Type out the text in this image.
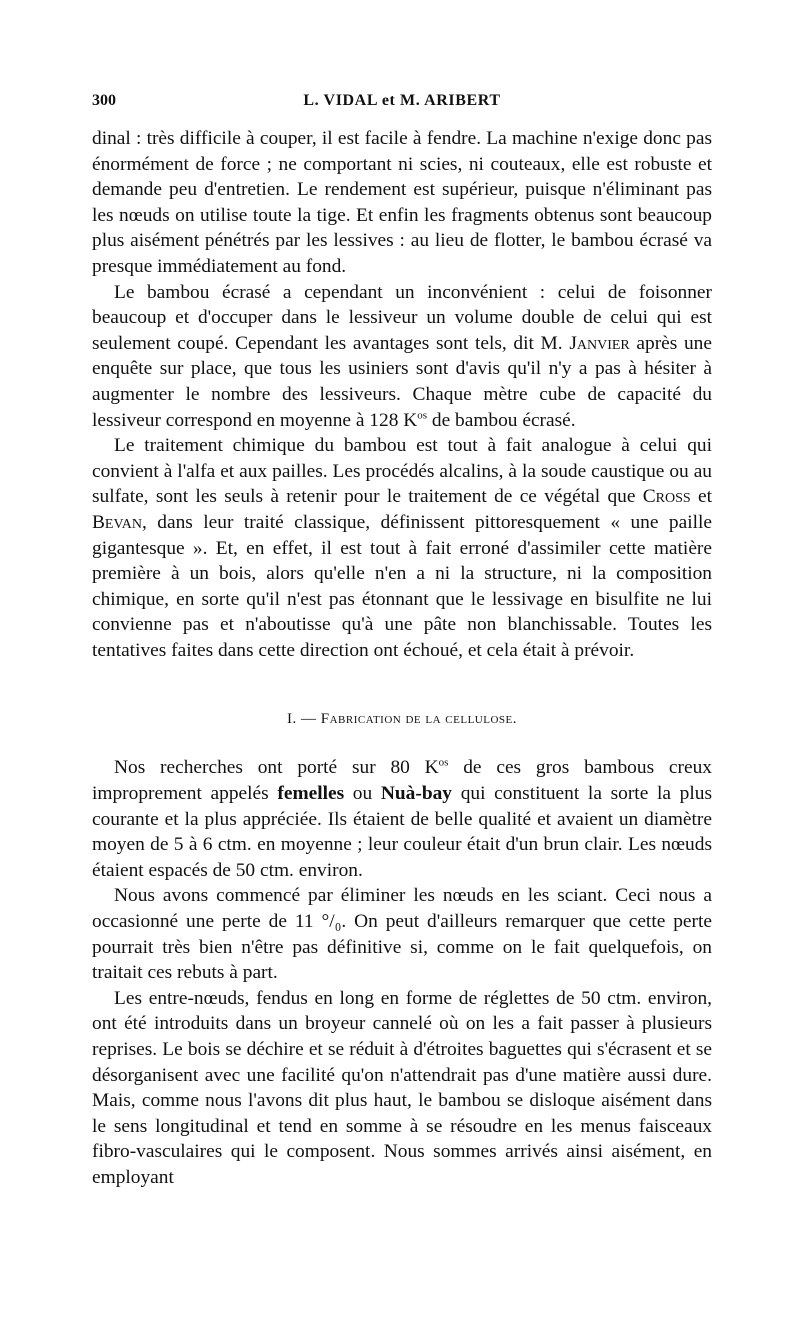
300	L. VIDAL et M. ARIBERT

dinal : très difficile à couper, il est facile à fendre. La machine n'exige donc pas énormément de force ; ne comportant ni scies, ni couteaux, elle est robuste et demande peu d'entretien. Le rendement est supérieur, puisque n'éliminant pas les nœuds on utilise toute la tige. Et enfin les fragments obtenus sont beaucoup plus aisément pénétrés par les lessives : au lieu de flotter, le bambou écrasé va presque immédiatement au fond.

Le bambou écrasé a cependant un inconvénient : celui de foisonner beaucoup et d'occuper dans le lessiveur un volume double de celui qui est seulement coupé. Cependant les avantages sont tels, dit M. Janvier après une enquête sur place, que tous les usiniers sont d'avis qu'il n'y a pas à hésiter à augmenter le nombre des lessiveurs. Chaque mètre cube de capacité du lessiveur correspond en moyenne à 128 $K^{os}$ de bambou écrasé.

Le traitement chimique du bambou est tout à fait analogue à celui qui convient à l'alfa et aux pailles. Les procédés alcalins, à la soude caustique ou au sulfate, sont les seuls à retenir pour le traitement de ce végétal que Cross et Bevan, dans leur traité classique, définissent pittoresquement « une paille gigantesque ». Et, en effet, il est tout à fait erroné d'assimiler cette matière première à un bois, alors qu'elle n'en a ni la structure, ni la composition chimique, en sorte qu'il n'est pas étonnant que le lessivage en bisulfite ne lui convienne pas et n'aboutisse qu'à une pâte non blanchissable. Toutes les tentatives faites dans cette direction ont échoué, et cela était à prévoir.

I. — Fabrication de la cellulose.

Nos recherches ont porté sur 80 $K^{os}$ de ces gros bambous creux improprement appelés femelles ou Nuà-bay qui constituent la sorte la plus courante et la plus appréciée. Ils étaient de belle qualité et avaient un diamètre moyen de 5 à 6 ctm. en moyenne ; leur couleur était d'un brun clair. Les nœuds étaient espacés de 50 ctm. environ.

Nous avons commencé par éliminer les nœuds en les sciant. Ceci nous a occasionné une perte de 11 °/₀. On peut d'ailleurs remarquer que cette perte pourrait très bien n'être pas définitive si, comme on le fait quelquefois, on traitait ces rebuts à part.

Les entre-nœuds, fendus en long en forme de réglettes de 50 ctm. environ, ont été introduits dans un broyeur cannelé où on les a fait passer à plusieurs reprises. Le bois se déchire et se réduit à d'étroites baguettes qui s'écrasent et se désorganisent avec une facilité qu'on n'attendrait pas d'une matière aussi dure. Mais, comme nous l'avons dit plus haut, le bambou se disloque aisément dans le sens longitudinal et tend en somme à se résoudre en les menus faisceaux fibro-vasculaires qui le composent. Nous sommes arrivés ainsi aisément, en employant
